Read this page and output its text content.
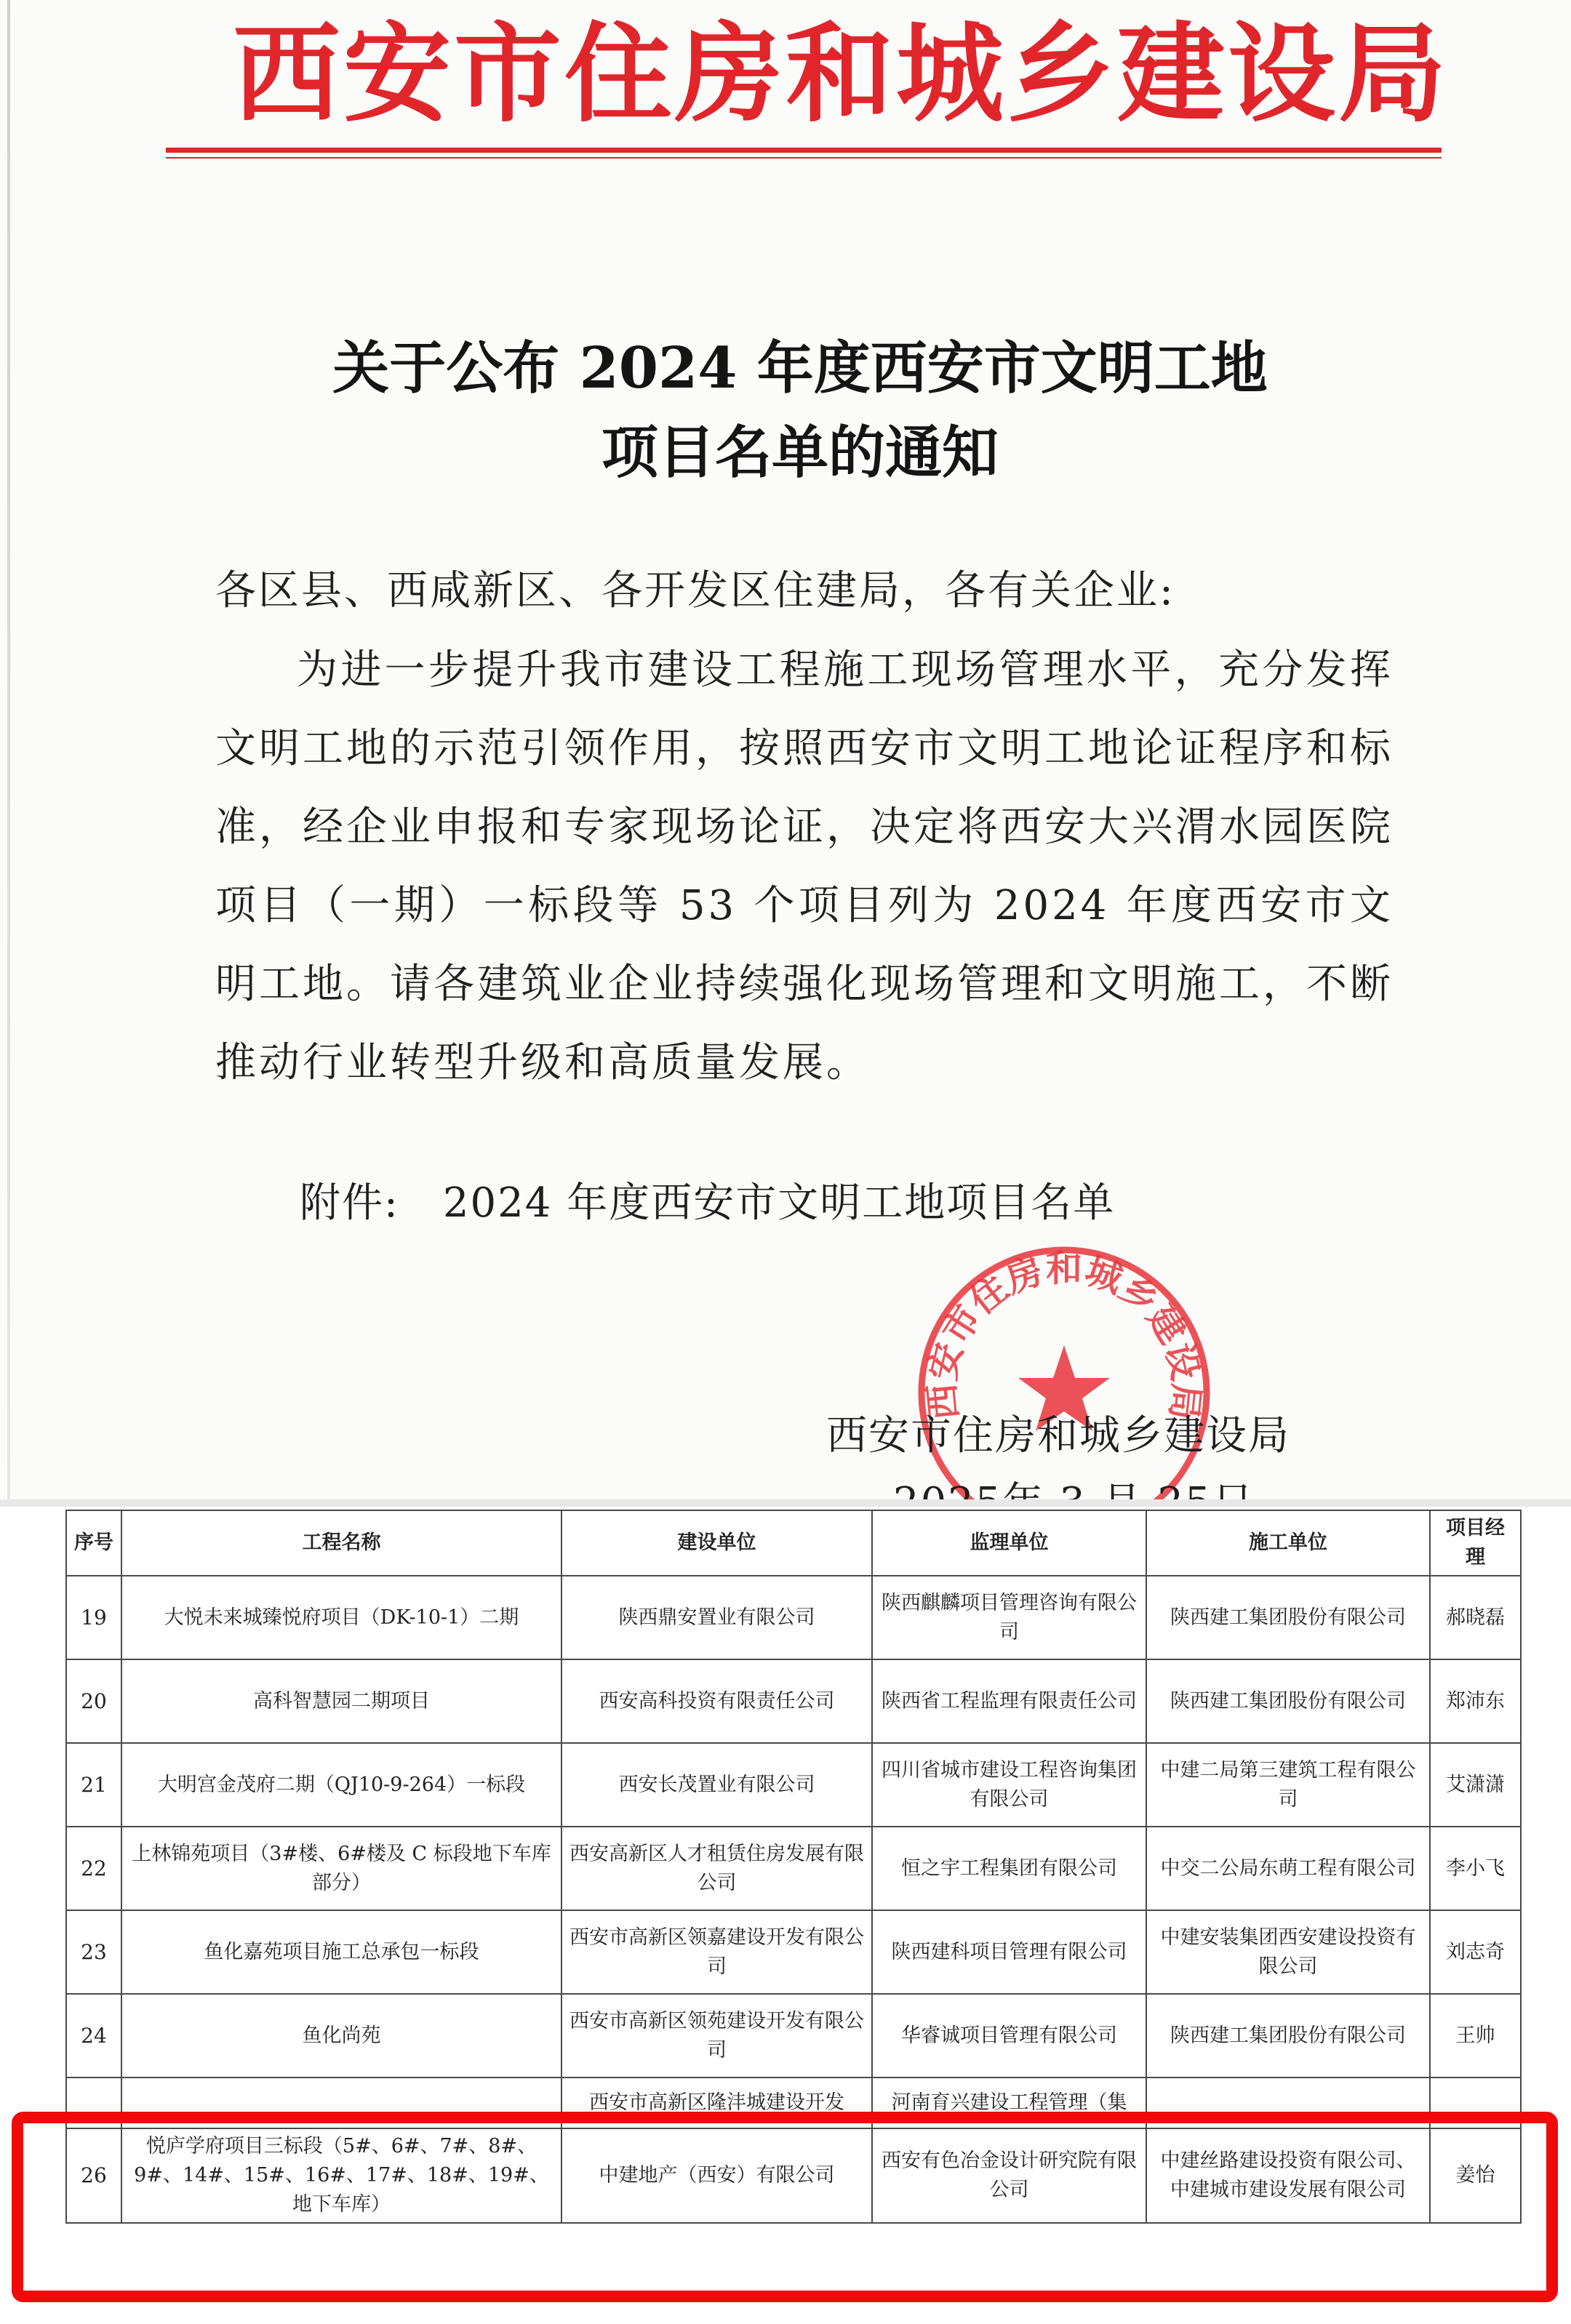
西安市住房和城乡建设局
关于公布 2024 年度西安市文明工地
项目名单的通知
各区县、西咸新区、各开发区住建局，各有关企业:
为进一步提升我市建设工程施工现场管理水平，充分发挥文明工地的示范引领作用，按照西安市文明工地论证程序和标准，经企业申报和专家现场论证，决定将西安大兴渭水园医院项目（一期）一标段等 53 个项目列为 2024 年度西安市文明工地。请各建筑业企业持续强化现场管理和文明施工，不断推动行业转型升级和高质量发展。
附件: 2024 年度西安市文明工地项目名单
西安市住房和城乡建设局
西安市住房和城乡建设局
序号	工程名称	建设单位	监理单位	施工单位	项目经理
19	大悦未来城臻悦府项目（DK-10-1）二期	陕西鼎安置业有限公司	陕西麒麟项目管理咨询有限公司	陕西建工集团股份有限公司	郝晓磊
20	高科智慧园二期项目	西安高科投资有限责任公司	陕西省工程监理有限责任公司	陕西建工集团股份有限公司	郑沛东
21	大明宫金茂府二期（QJ10-9-264）一标段	西安长茂置业有限公司	四川省城市建设工程咨询集团有限公司	中建二局第三建筑工程有限公司	艾潇潇
22	上林锦苑项目（3#楼、6#楼及 C 标段地下车库部分）	西安高新区人才租赁住房发展有限公司	恒之宇工程集团有限公司	中交二公局东萌工程有限公司	李小飞
23	鱼化嘉苑项目施工总承包一标段	西安市高新区领嘉建设开发有限公司	陕西建科项目管理有限公司	中建安装集团西安建设投资有限公司	刘志奇
24	鱼化尚苑	西安市高新区领苑建设开发有限公司	华睿诚项目管理有限公司	陕西建工集团股份有限公司	王帅
		西安市高新区隆沣城建设开发	河南育兴建设工程管理（集		
26	悦庐学府项目三标段（5#、6#、7#、8#、9#、14#、15#、16#、17#、18#、19#、地下车库）	中建地产（西安）有限公司	西安有色冶金设计研究院有限公司	中建丝路建设投资有限公司、中建城市建设发展有限公司	姜怡
